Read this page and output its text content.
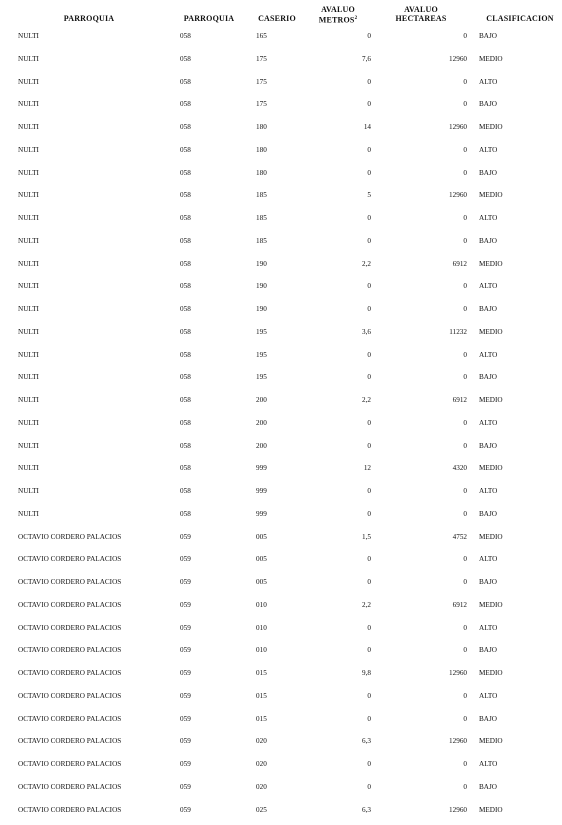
PARROQUIA	PARROQUIA	CASERIO
AVALUO
METROS$^2$
AVALUO
HECTAREAS	CLASIFICACION
NULTI	058	165	0	0 BAJO
NULTI	058	175	7,6	12960 MEDIO
NULTI	058	175	0	0 ALTO
NULTI	058	175	0	0 BAJO
NULTI	058	180	14	12960 MEDIO
NULTI	058	180	0	0 ALTO
NULTI	058	180	0	0 BAJO
NULTI	058	185	5	12960 MEDIO
NULTI	058	185	0	0 ALTO
NULTI	058	185	0	0 BAJO
NULTI	058	190	2,2	6912 MEDIO
NULTI	058	190	0	0 ALTO
NULTI	058	190	0	0 BAJO
NULTI	058	195	3,6	11232 MEDIO
NULTI	058	195	0	0 ALTO
NULTI	058	195	0	0 BAJO
NULTI	058	200	2,2	6912 MEDIO
NULTI	058	200	0	0 ALTO
NULTI	058	200	0	0 BAJO
NULTI	058	999	12	4320 MEDIO
NULTI	058	999	0	0 ALTO
NULTI	058	999	0	0 BAJO
OCTAVIO CORDERO PALACIOS	059	005	1,5	4752 MEDIO
OCTAVIO CORDERO PALACIOS	059	005	0	0 ALTO
OCTAVIO CORDERO PALACIOS	059	005	0	0 BAJO
OCTAVIO CORDERO PALACIOS	059	010	2,2	6912 MEDIO
OCTAVIO CORDERO PALACIOS	059	010	0	0 ALTO
OCTAVIO CORDERO PALACIOS	059	010	0	0 BAJO
OCTAVIO CORDERO PALACIOS	059	015	9,8	12960 MEDIO
OCTAVIO CORDERO PALACIOS	059	015	0	0 ALTO
OCTAVIO CORDERO PALACIOS	059	015	0	0 BAJO
OCTAVIO CORDERO PALACIOS	059	020	6,3	12960 MEDIO
OCTAVIO CORDERO PALACIOS	059	020	0	0 ALTO
OCTAVIO CORDERO PALACIOS	059	020	0	0 BAJO
OCTAVIO CORDERO PALACIOS	059	025	6,3	12960 MEDIO
